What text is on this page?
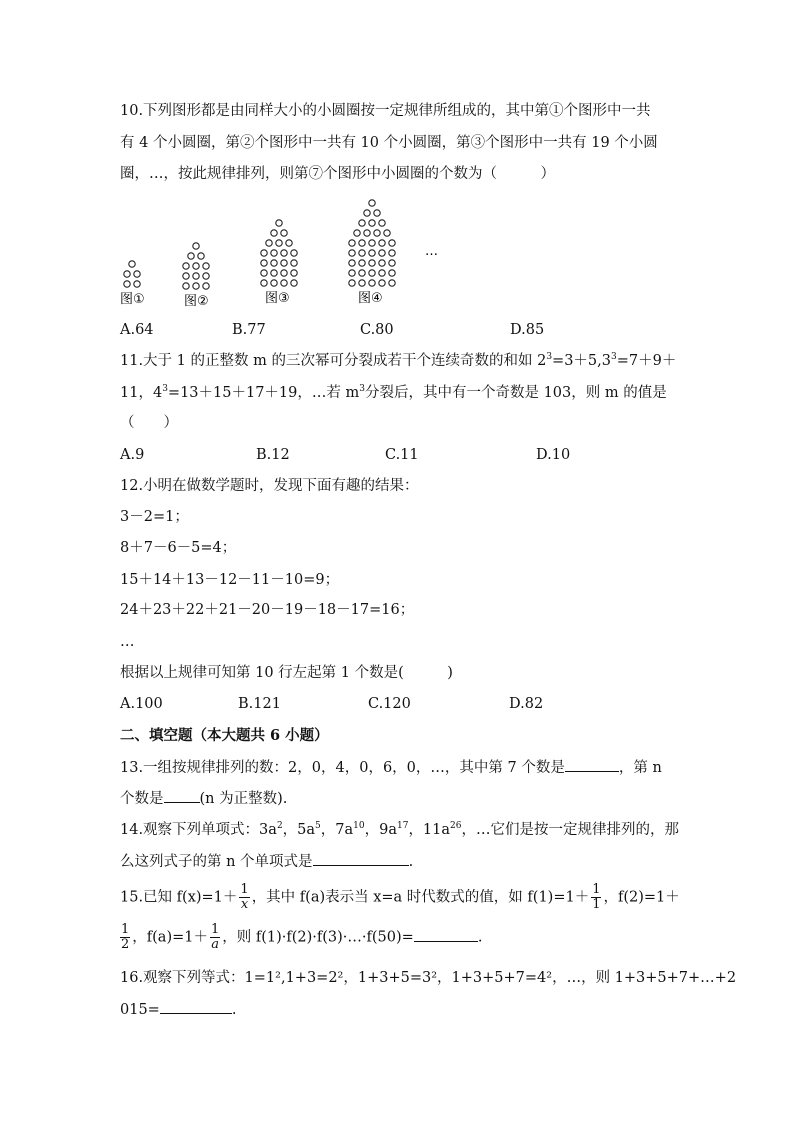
10.下列图形都是由同样大小的小圆圈按一定规律所组成的，其中第①个图形中一共
有 4 个小圆圈，第②个图形中一共有 10 个小圆圈，第③个图形中一共有 19 个小圆
圈，…，按此规律排列，则第⑦个图形中小圆圈的个数为（　　　）
图①	图②	图③	图④
…
A.64	B.77	C.80	D.85
11.大于 1 的正整数 m 的三次幂可分裂成若干个连续奇数的和如 $2^3=3+5,3^3=7+9+$
11，$4^3=13+15+17+19$，…若 $m^3$分裂后，其中有一个奇数是 103，则 m 的值是
（　　）
A.9	B.12	C.11	D.10
12.小明在做数学题时，发现下面有趣的结果：
3－2=1；
8＋7－6－5=4；
15＋14＋13－12－11－10=9；
24＋23＋22＋21－20－19－18－17=16；
…
根据以上规律可知第 10 行左起第 1 个数是(　　　)
A.100	B.121	C.120	D.82
二、填空题（本大题共 6 小题）
13.一组按规律排列的数：2，0，4，0，6，0，…，其中第 7 个数是	，第 n
个数是 (n 为正整数).
14.观察下列单项式：$3a^2$，$5a^5$，$7a^{10}$，$9a^{17}$，$11a^{26}$，…它们是按一定规律排列的，那
么这列式子的第 n 个单项式是	.
15.已知 $f(x)=1+ \frac{1}{x}$ ，其中 f(a)表示当 x=a 时代数式的值，如 $f(1)=1+ \frac{1}{1}$ ，f(2)=1＋
$\frac{1}{2}$ ，$f(a)=1+ \frac{1}{a}$ ，则 f(1)·f(2)·f(3)·…·f(50)=	.
16.观察下列等式：1=1²,1+3=2²，1+3+5=3²，1+3+5+7=4²，…，则 1+3+5+7+…+2
015=	.
